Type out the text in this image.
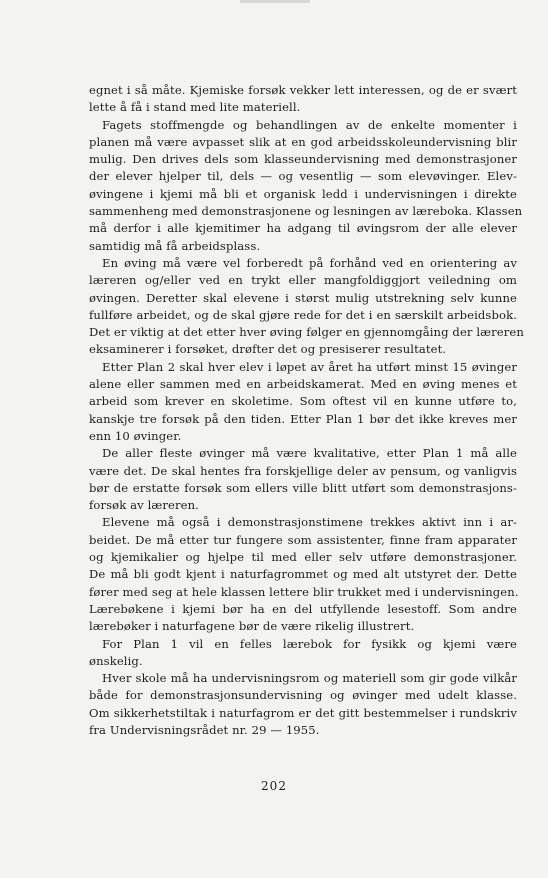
egnet i så måte. Kjemiske forsøk vekker lett interessen, og de er svært
lette å få i stand med lite materiell.
Fagets stoffmengde og behandlingen av de enkelte momenter i
planen må være avpasset slik at en god arbeidsskoleundervisning blir
mulig. Den drives dels som klasseundervisning med demonstrasjoner
der elever hjelper til, dels — og vesentlig — som elevøvinger. Elev-
øvingene i kjemi må bli et organisk ledd i undervisningen i direkte
sammenheng med demonstrasjonene og lesningen av læreboka. Klassen
må derfor i alle kjemitimer ha adgang til øvingsrom der alle elever
samtidig må få arbeidsplass.
En øving må være vel forberedt på forhånd ved en orientering av
læreren og/eller ved en trykt eller mangfoldiggjort veiledning om
øvingen. Deretter skal elevene i størst mulig utstrekning selv kunne
fullføre arbeidet, og de skal gjøre rede for det i en særskilt arbeidsbok.
Det er viktig at det etter hver øving følger en gjennomgåing der læreren
eksaminerer i forsøket, drøfter det og presiserer resultatet.
Etter Plan 2 skal hver elev i løpet av året ha utført minst 15 øvinger
alene eller sammen med en arbeidskamerat. Med en øving menes et
arbeid som krever en skoletime. Som oftest vil en kunne utføre to,
kanskje tre forsøk på den tiden. Etter Plan 1 bør det ikke kreves mer
enn 10 øvinger.
De aller fleste øvinger må være kvalitative, etter Plan 1 må alle
være det. De skal hentes fra forskjellige deler av pensum, og vanligvis
bør de erstatte forsøk som ellers ville blitt utført som demonstrasjons-
forsøk av læreren.
Elevene må også i demonstrasjonstimene trekkes aktivt inn i ar-
beidet. De må etter tur fungere som assistenter, finne fram apparater
og kjemikalier og hjelpe til med eller selv utføre demonstrasjoner.
De må bli godt kjent i naturfagrommet og med alt utstyret der. Dette
fører med seg at hele klassen lettere blir trukket med i undervisningen.
Lærebøkene i kjemi bør ha en del utfyllende lesestoff. Som andre
lærebøker i naturfagene bør de være rikelig illustrert.
For Plan 1 vil en felles lærebok for fysikk og kjemi være
ønskelig.
Hver skole må ha undervisningsrom og materiell som gir gode vilkår
både for demonstrasjonsundervisning og øvinger med udelt klasse.
Om sikkerhetstiltak i naturfagrom er det gitt bestemmelser i rundskriv
fra Undervisningsrådet nr. 29 — 1955.
202
